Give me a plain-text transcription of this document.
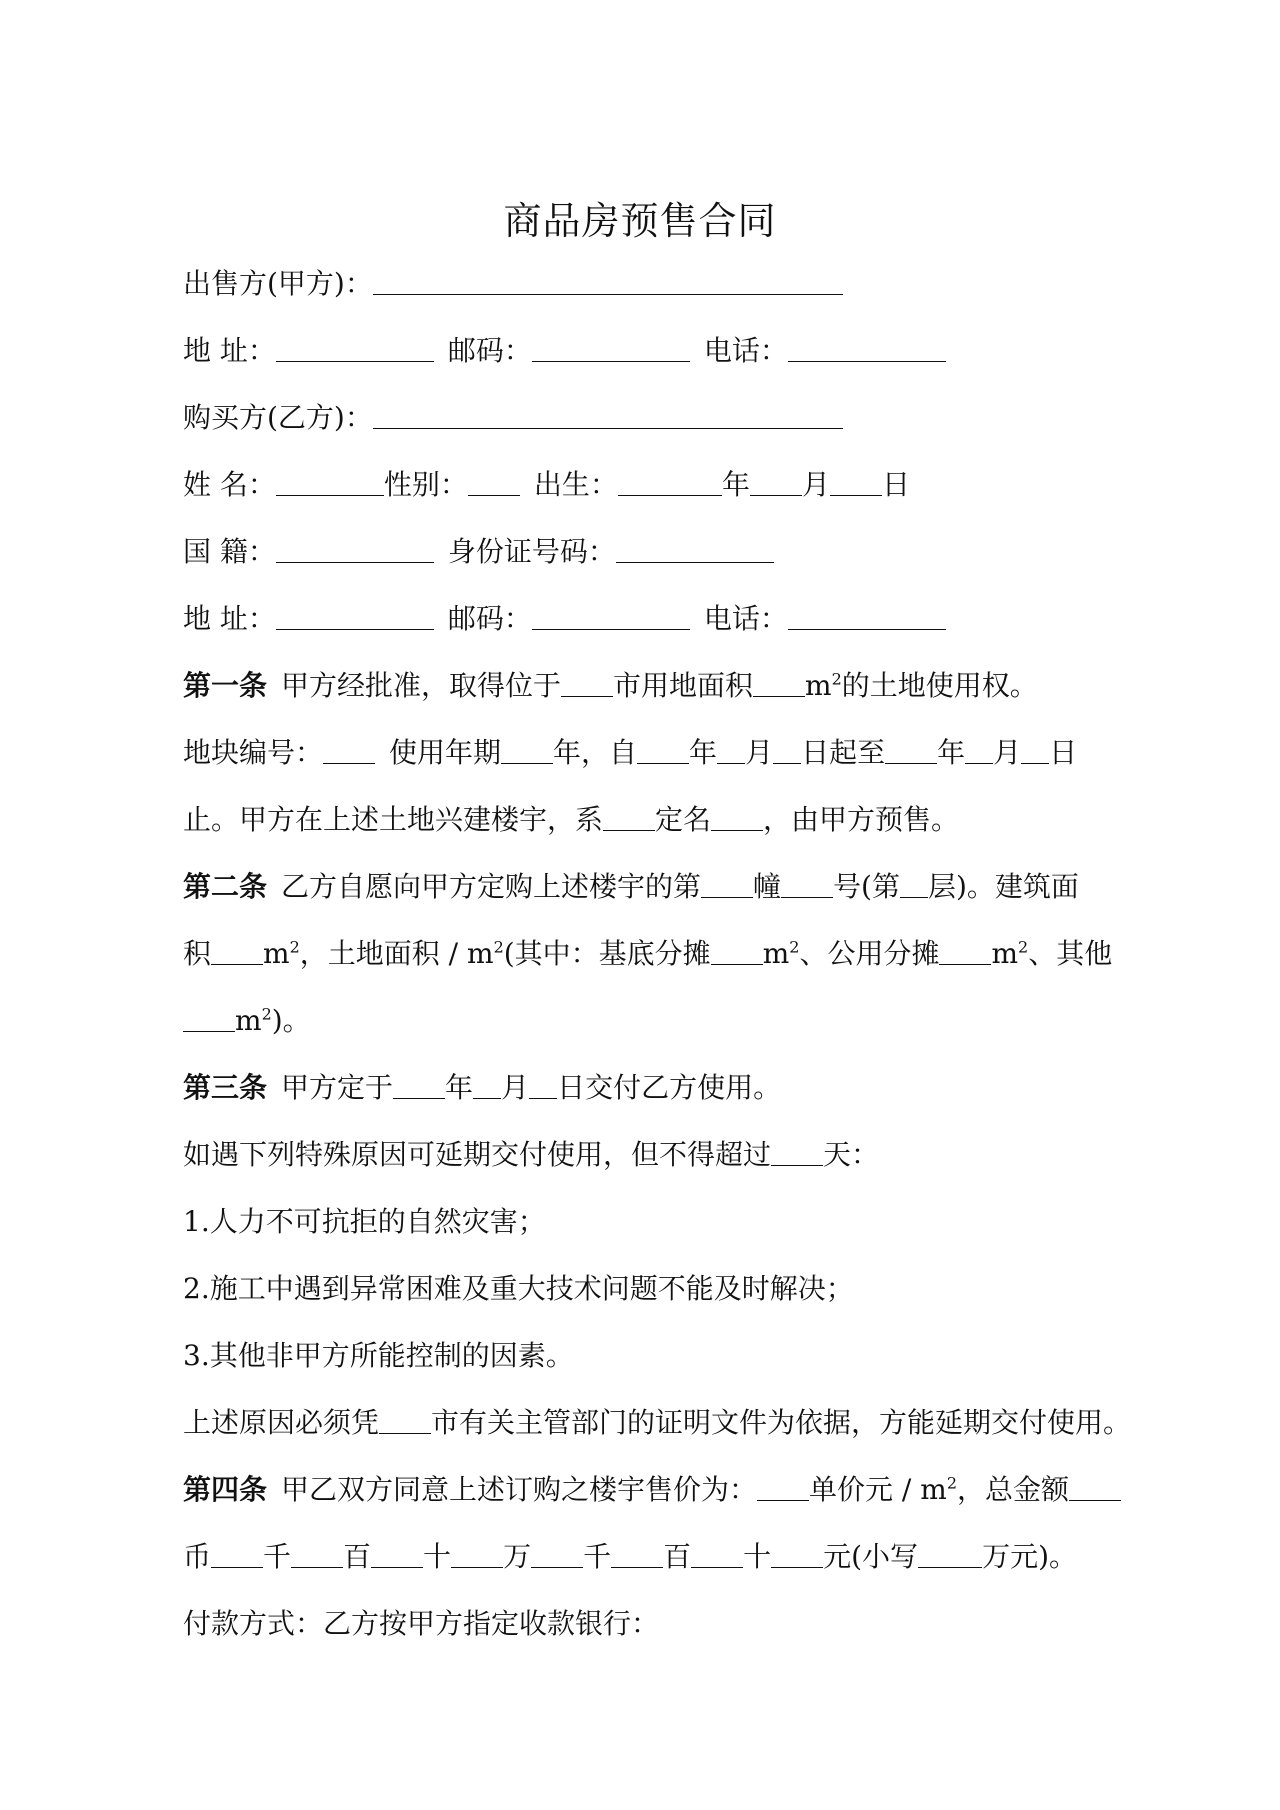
商品房预售合同
出售方(甲方)：
地 址：	邮码：	电话：
购买方(乙方)：
姓 名：	性别： 出生：	年 月 日
国 籍：	身份证号码：
地 址：	邮码：	电话：
第一条 甲方经批准，取得位于 市用地面积 $m^2$的土地使用权。
地块编号： 使用年期 年，自 年 月 日起至 年 月 日
止。甲方在上述土地兴建楼宇，系 定名 ，由甲方预售。
第二条 乙方自愿向甲方定购上述楼宇的第 幢 号(第 层)。建筑面
积 $m^2$，土地面积 / $m^2$(其中：基底分摊 $m^2$、公用分摊 $m^2$、其他
$m^2$)。
第三条 甲方定于 年 月 日交付乙方使用。
如遇下列特殊原因可延期交付使用，但不得超过 天：
1.人力不可抗拒的自然灾害；
2.施工中遇到异常困难及重大技术问题不能及时解决；
3.其他非甲方所能控制的因素。
上述原因必须凭 市有关主管部门的证明文件为依据，方能延期交付使用。
第四条 甲乙双方同意上述订购之楼宇售价为： 单价元 / $m^2$，总金额
币 千 百 十 万 千 百 十 元(小写 万元)。
付款方式：乙方按甲方指定收款银行：
